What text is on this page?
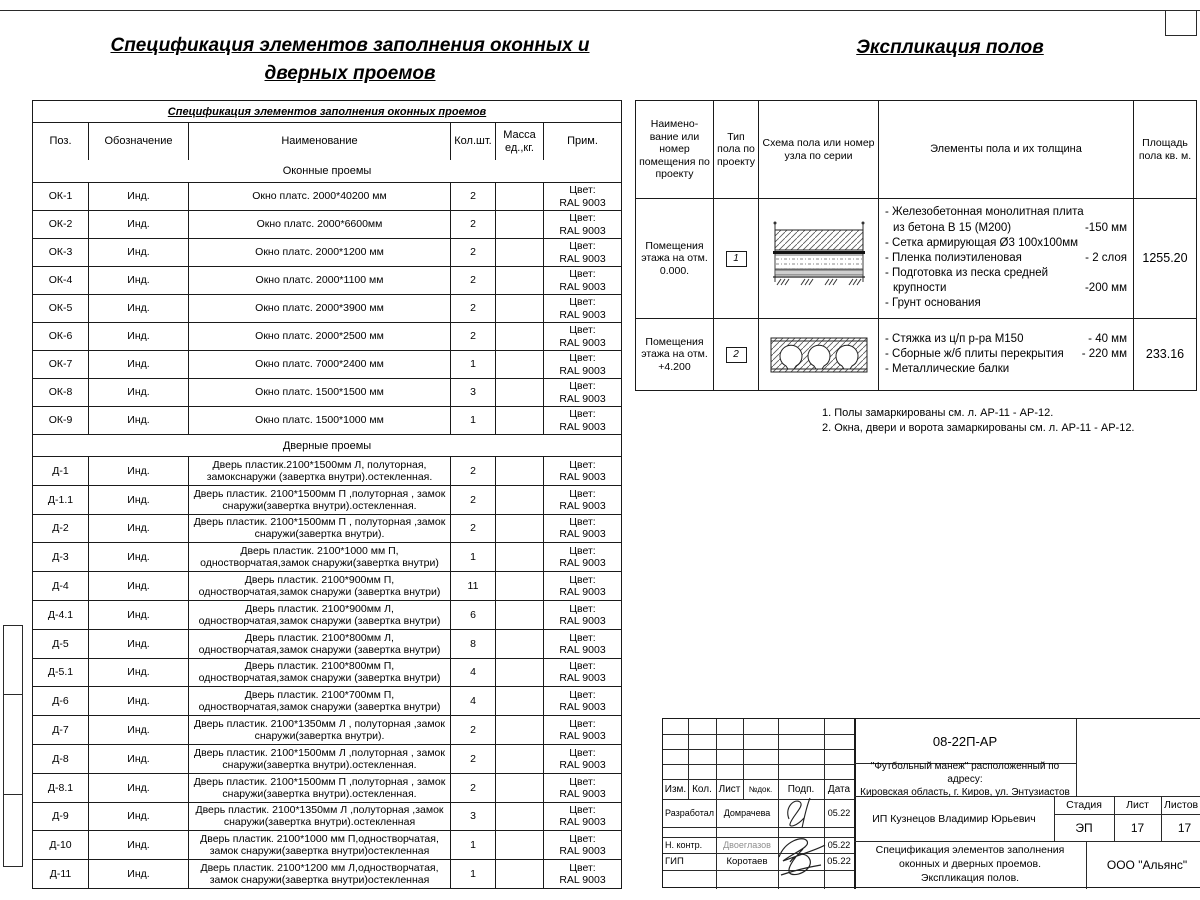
Спецификация элементов заполнения оконных и
дверных проемов
Экспликация полов
Спецификация элементов заполнения оконных проемов
Поз.	Обозначение	Наименование	Кол.шт.
Масса ед.,кг.
Прим.
Оконные проемы
ОК-1	Инд.	Окно платс. 2000*40200 мм	2
Цвет:
RAL 9003
ОК-2	Инд.	Окно платс. 2000*6600мм	2
Цвет:
RAL 9003
ОК-3	Инд.	Окно платс. 2000*1200 мм	2
Цвет:
RAL 9003
ОК-4	Инд.	Окно платс. 2000*1100 мм	2
Цвет:
RAL 9003
ОК-5	Инд.	Окно платс. 2000*3900 мм	2
Цвет:
RAL 9003
ОК-6	Инд.	Окно платс. 2000*2500 мм	2
Цвет:
RAL 9003
ОК-7	Инд.	Окно платс. 7000*2400 мм	1
Цвет:
RAL 9003
ОК-8	Инд.	Окно платс. 1500*1500 мм	3
Цвет:
RAL 9003
ОК-9	Инд.	Окно платс. 1500*1000 мм	1
Цвет:
RAL 9003
Дверные проемы
Д-1	Инд.
Дверь пластик.2100*1500мм Л, полуторная, замокснаружи (завертка внутри).остекленная.
2
Цвет:
RAL 9003
Д-1.1	Инд.
Дверь пластик. 2100*1500мм П ,полуторная , замок снаружи(завертка внутри).остекленная.
2
Цвет:
RAL 9003
Д-2	Инд.
Дверь пластик. 2100*1500мм П , полуторная ,замок снаружи(завертка внутри).
2
Цвет:
RAL 9003
Д-3	Инд.
Дверь пластик. 2100*1000 мм П, одностворчатая,замок снаружи(завертка внутри)
1
Цвет:
RAL 9003
Д-4	Инд.
Дверь пластик. 2100*900мм П, одностворчатая,замок снаружи (завертка внутри)
11
Цвет:
RAL 9003
Д-4.1	Инд.
Дверь пластик. 2100*900мм Л, одностворчатая,замок снаружи (завертка внутри)
6
Цвет:
RAL 9003
Д-5	Инд.
Дверь пластик. 2100*800мм Л, одностворчатая,замок снаружи (завертка внутри)
8
Цвет:
RAL 9003
Д-5.1	Инд.
Дверь пластик. 2100*800мм П, одностворчатая,замок снаружи (завертка внутри)
4
Цвет:
RAL 9003
Д-6	Инд.
Дверь пластик. 2100*700мм П, одностворчатая,замок снаружи (завертка внутри)
4
Цвет:
RAL 9003
Д-7	Инд.
Дверь пластик. 2100*1350мм Л , полуторная ,замок снаружи(завертка внутри).
2
Цвет:
RAL 9003
Д-8	Инд.
Дверь пластик. 2100*1500мм Л ,полуторная , замок снаружи(завертка внутри).остекленная.
2
Цвет:
RAL 9003
Д-8.1	Инд.
Дверь пластик. 2100*1500мм П ,полуторная , замок снаружи(завертка внутри).остекленная.
2
Цвет:
RAL 9003
Д-9	Инд.
Дверь пластик. 2100*1350мм Л ,полуторная ,замок снаружи(завертка внутри).остекленная
3
Цвет:
RAL 9003
Д-10	Инд.
Дверь пластик. 2100*1000 мм П,одностворчатая, замок снаружи(завертка внутри)остекленная
1
Цвет:
RAL 9003
Д-11	Инд.
Дверь пластик. 2100*1200 мм Л,одностворчатая, замок снаружи(завертка внутри)остекленная
1
Цвет:
RAL 9003
Наимено- вание или номер помещения по проекту
Тип пола по проекту
Схема пола или номер узла по серии
Элементы пола и их толщина
Площадь пола кв. м.
Помещения этажа на отм. 0.000.
1
- Железобетонная монолитная плита
из бетона В 15 (М200)	-150 мм
- Сетка армирующая Ø3 100х100мм
- Пленка полиэтиленовая	- 2 слоя
- Подготовка из песка средней
крупности	-200 мм
- Грунт основания
1255.20
Помещения этажа на отм. +4.200
2
- Стяжка из ц/п р-ра М150	- 40 мм
- Сборные ж/б плиты перекрытия - 220 мм
- Металлические балки
233.16
1. Полы замаркированы см. л. АР-11 - АР-12.
2. Окна, двери и ворота замаркированы см. л. АР-11 - АР-12.
Изм. Кол. Лист	№док.	Подп.	Дата
Разработал	Домрачева	05.22
Н. контр.	Двоеглазов	05.22
ГИП	Коротаев	05.22
08-22П-АР
"Футбольный манеж" расположенный по адресу:
Кировская область, г. Киров, ул. Энтузиастов
ИП Кузнецов Владимир Юрьевич
Стадия	Лист	Листов
ЭП	17	17
Спецификация элементов заполнения
оконных и дверных проемов.
Экспликация полов.
ООО "Альянс"
